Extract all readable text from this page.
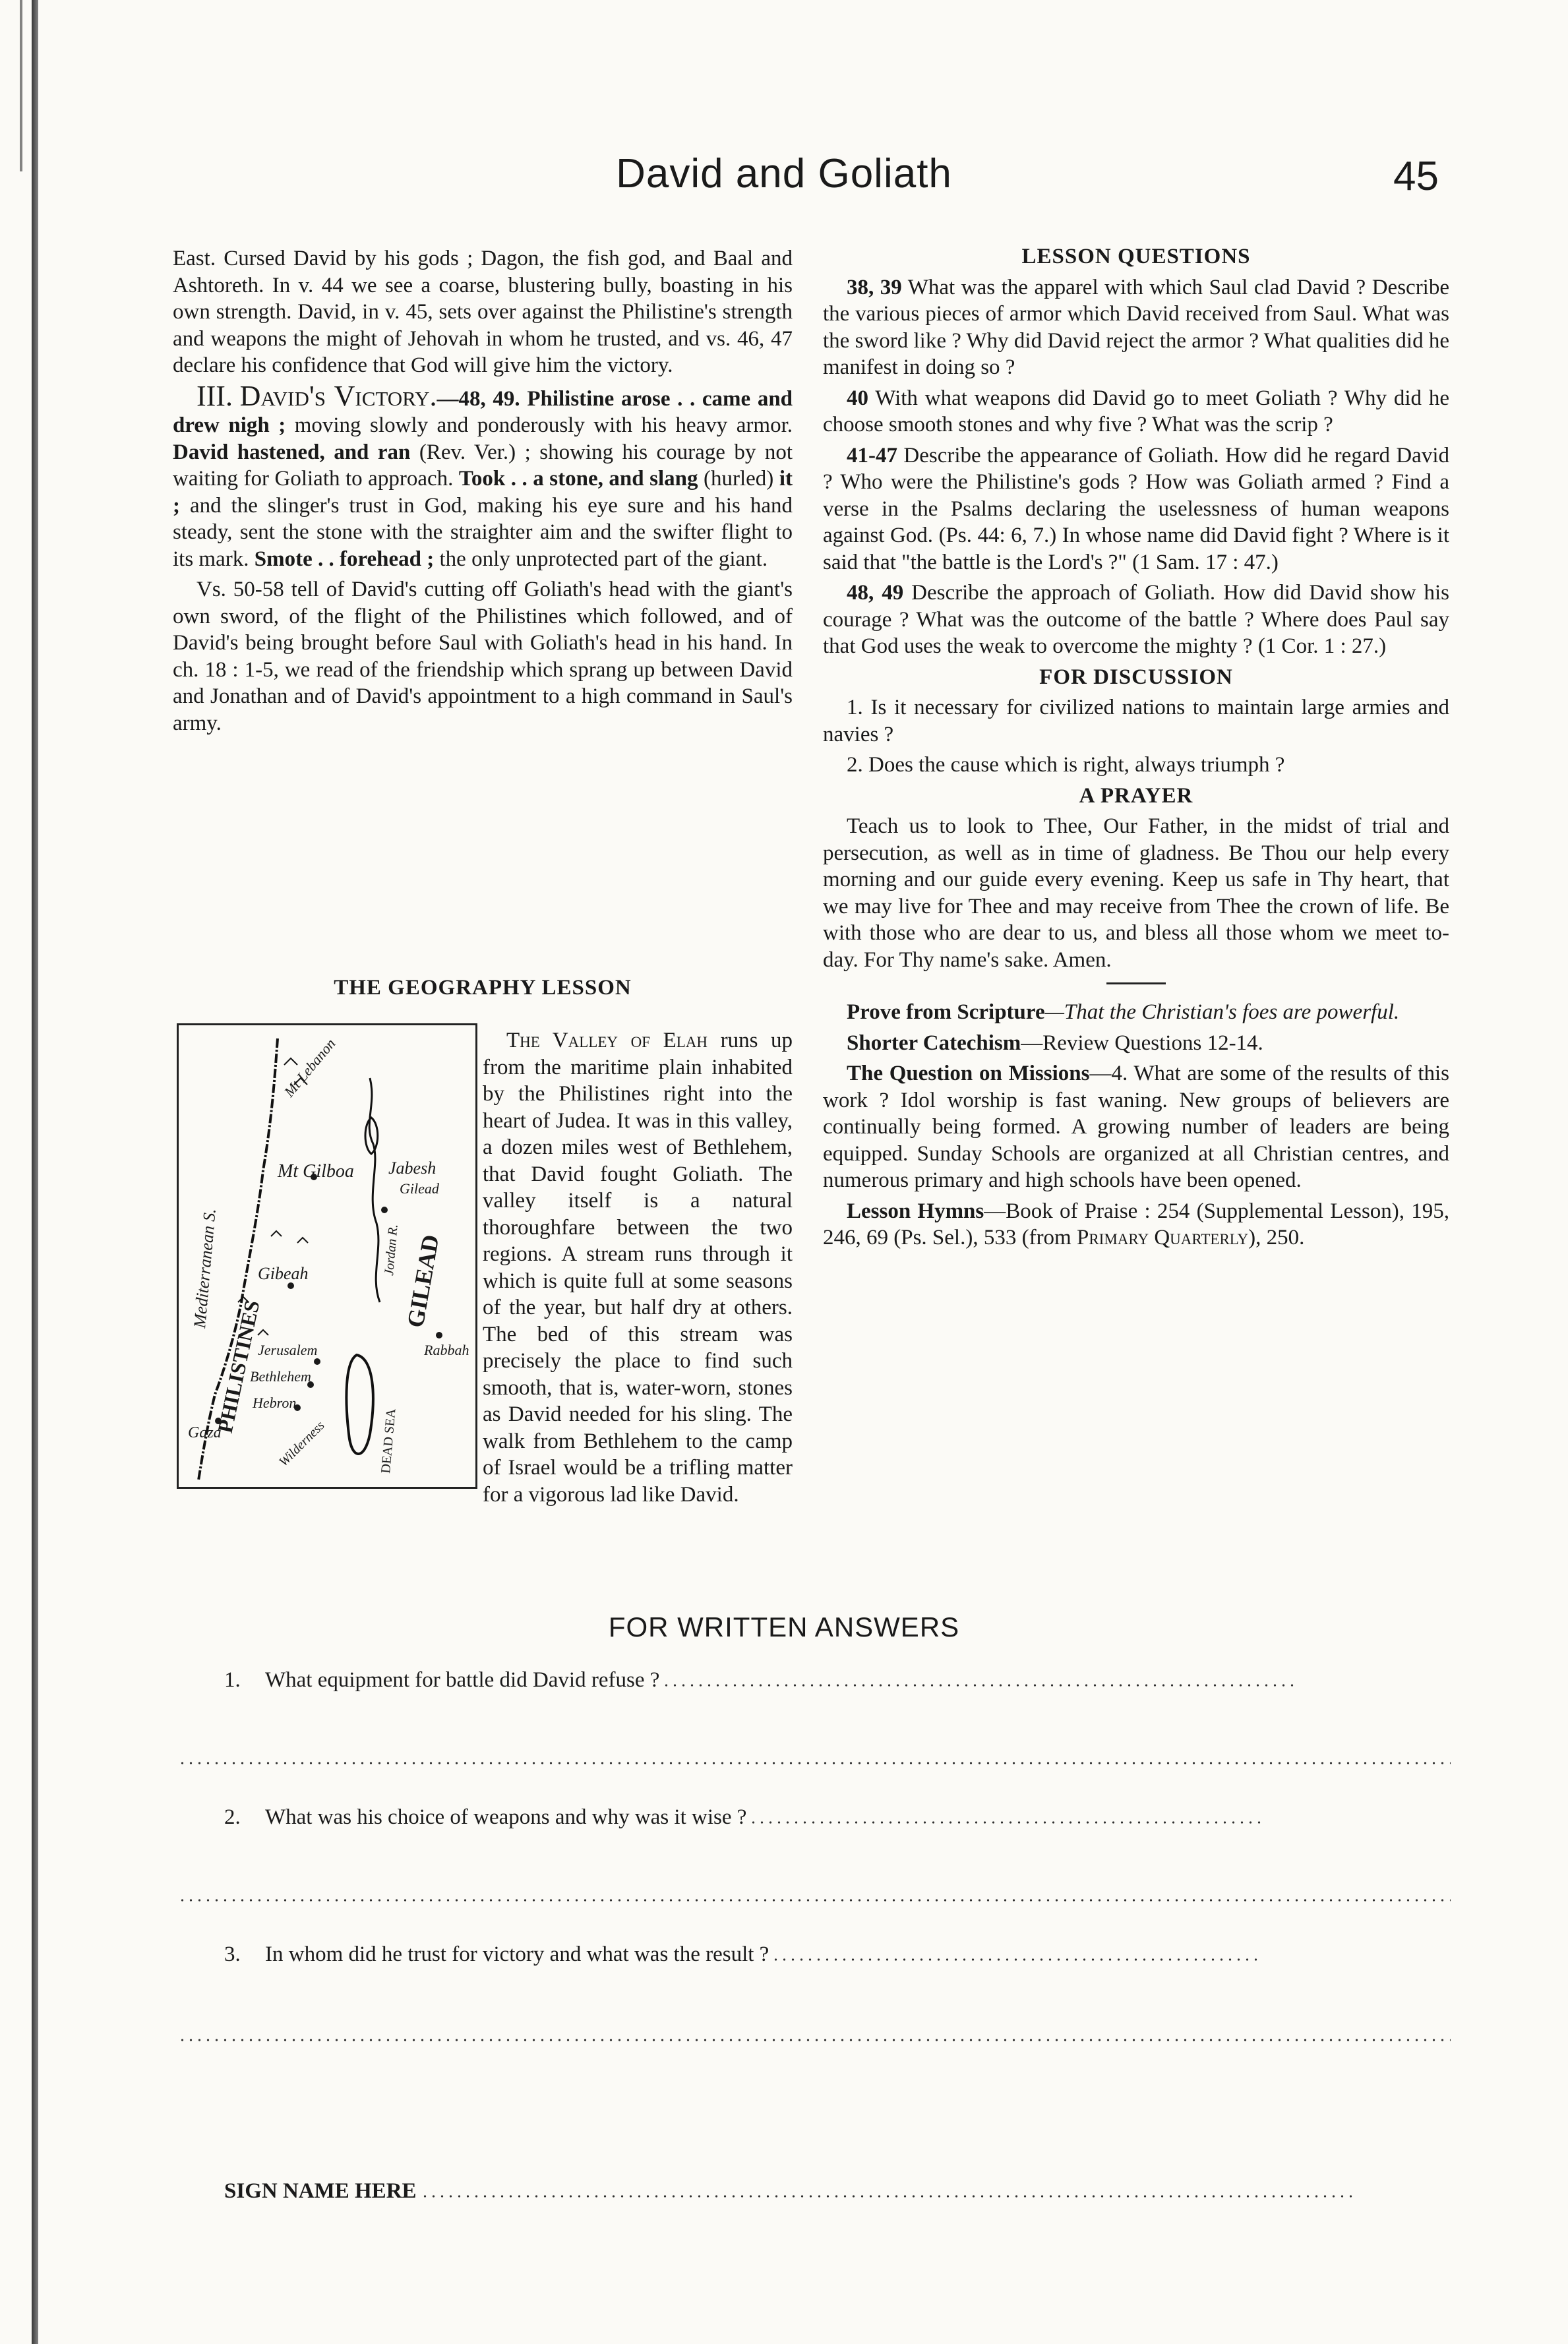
David and Goliath	45

East. Cursed David by his gods ; Dagon, the fish god, and Baal and Ashtoreth. In v. 44 we see a coarse, blustering bully, boasting in his own strength. David, in v. 45, sets over against the Philistine's strength and weapons the might of Jehovah in whom he trusted, and vs. 46, 47 declare his confidence that God will give him the victory.

III. David's Victory.—48, 49. Philistine arose . . came and drew nigh ; moving slowly and ponderously with his heavy armor. David hastened, and ran (Rev. Ver.) ; showing his courage by not waiting for Goliath to approach. Took . . a stone, and slang (hurled) it ; and the slinger's trust in God, making his eye sure and his hand steady, sent the stone with the straighter aim and the swifter flight to its mark. Smote . . forehead ; the only unprotected part of the giant.

Vs. 50-58 tell of David's cutting off Goliath's head with the giant's own sword, of the flight of the Philistines which followed, and of David's being brought before Saul with Goliath's head in his hand. In ch. 18 : 1-5, we read of the friendship which sprang up between David and Jonathan and of David's appointment to a high command in Saul's army.

THE GEOGRAPHY LESSON

The Valley of Elah runs up from the maritime plain inhabited by the Philistines right into the heart of Judea. It was in this valley, a dozen miles west of Bethlehem, that David fought Goliath. The valley itself is a natural thoroughfare between the two regions. A stream runs through it which is quite full at some seasons of the year, but half dry at others. The bed of this stream was precisely the place to find such smooth, that is, water-worn, stones as David needed for his sling. The walk from Bethlehem to the camp of Israel would be a trifling matter for a vigorous lad like David.

Mediterranean S.
Mt Lebanon
Mt Gilboa Jabesh
Gilead
Jordan R.
Gibeah
PHILISTINES
GILEAD
Rabbah
Jerusalem
Bethlehem
Hebron
Gaza	Wilderness	DEAD SEA
LESSON QUESTIONS

38, 39 What was the apparel with which Saul clad David ? Describe the various pieces of armor which David received from Saul. What was the sword like ? Why did David reject the armor ? What qualities did he manifest in doing so ?

40 With what weapons did David go to meet Goliath ? Why did he choose smooth stones and why five ? What was the scrip ?

41-47 Describe the appearance of Goliath. How did he regard David ? Who were the Philistine's gods ? How was Goliath armed ? Find a verse in the Psalms declaring the uselessness of human weapons against God. (Ps. 44: 6, 7.) In whose name did David fight ? Where is it said that "the battle is the Lord's ?" (1 Sam. 17 : 47.)

48, 49 Describe the approach of Goliath. How did David show his courage ? What was the outcome of the battle ? Where does Paul say that God uses the weak to overcome the mighty ? (1 Cor. 1 : 27.)

FOR DISCUSSION

1. Is it necessary for civilized nations to maintain large armies and navies ?

2. Does the cause which is right, always triumph ?

A PRAYER

Teach us to look to Thee, Our Father, in the midst of trial and persecution, as well as in time of gladness. Be Thou our help every morning and our guide every evening. Keep us safe in Thy heart, that we may live for Thee and may receive from Thee the crown of life. Be with those who are dear to us, and bless all those whom we meet to-day. For Thy name's sake. Amen.

Prove from Scripture—That the Christian's foes are powerful.

Shorter Catechism—Review Questions 12-14.

The Question on Missions—4. What are some of the results of this work ? Idol worship is fast waning. New groups of believers are continually being formed. A growing number of leaders are being equipped. Sunday Schools are organized at all Christian centres, and numerous primary and high schools have been opened.

Lesson Hymns—Book of Praise : 254 (Supplemental Lesson), 195, 246, 69 (Ps. Sel.), 533 (from Primary Quarterly), 250.

FOR WRITTEN ANSWERS
1. What equipment for battle did David refuse ?
2. What was his choice of weapons and why was it wise ?
3. In whom did he trust for victory and what was the result ?
SIGN NAME HERE
